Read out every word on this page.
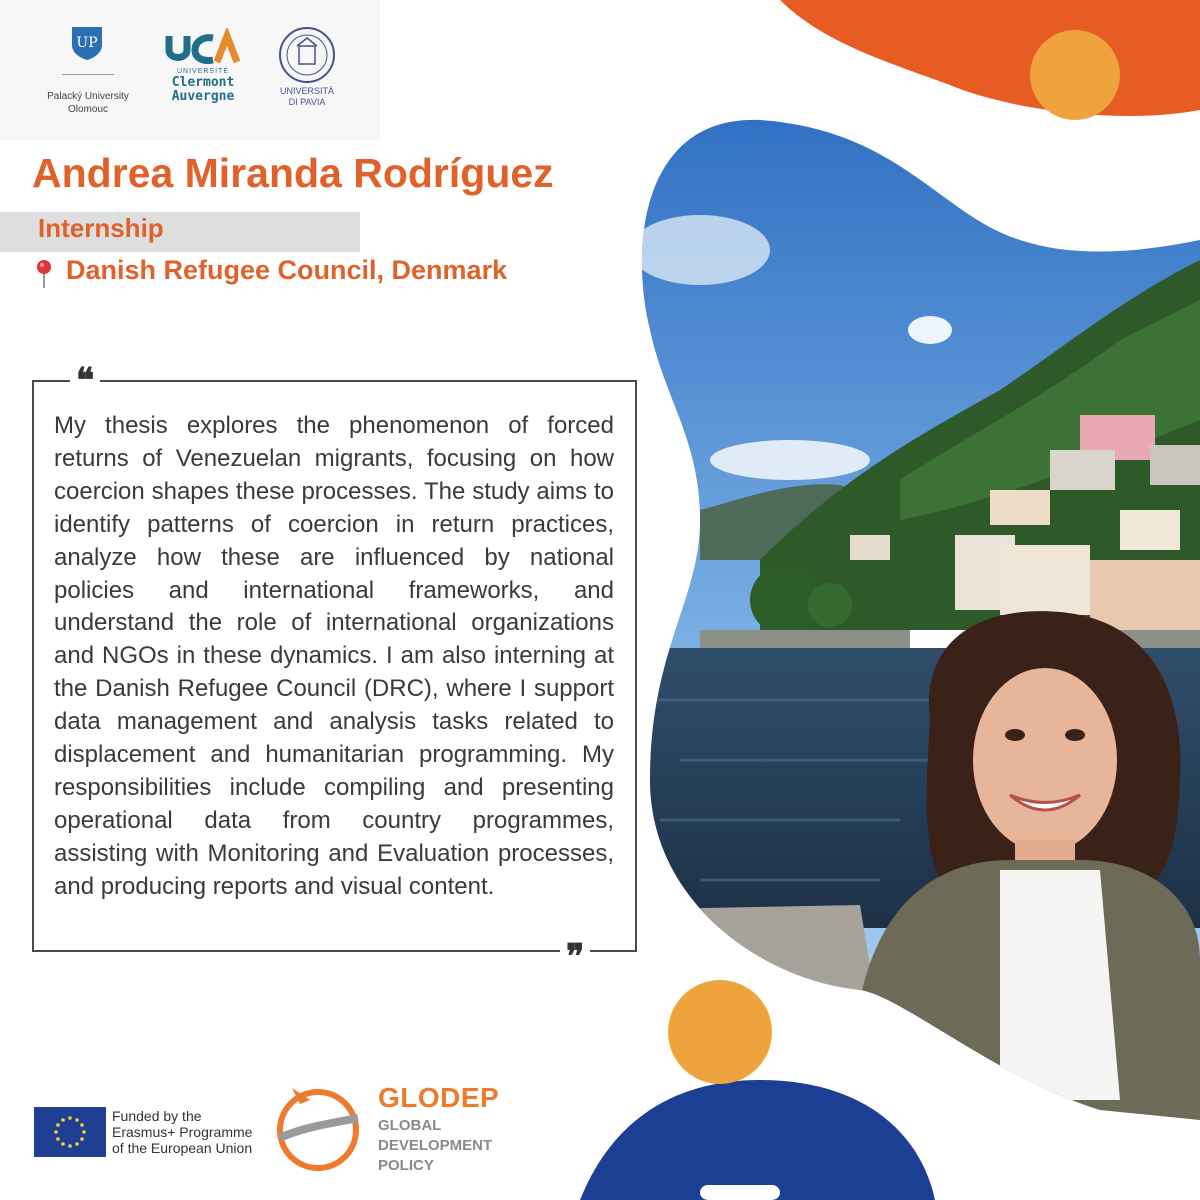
UP
Palacký University
Olomouc
UNIVERSITÉ
Clermont
Auvergne	UNIVERSITÀ
DI PAVIA
Andrea Miranda Rodríguez
Internship
Danish Refugee Council, Denmark
❝
❞
My thesis explores the phenomenon of forced returns of Venezuelan migrants, focusing on how coercion shapes these processes. The study aims to identify patterns of coercion in return practices, analyze how these are influenced by national policies and international frameworks, and understand the role of international organizations and NGOs in these dynamics. I am also interning at the Danish Refugee Council (DRC), where I support data management and analysis tasks related to displacement and humanitarian programming. My responsibilities include compiling and presenting operational data from country programmes, assisting with Monitoring and Evaluation processes, and producing reports and visual content.
Funded by the
Erasmus+ Programme
of the European Union
GLODEP
GLOBAL
DEVELOPMENT
POLICY
